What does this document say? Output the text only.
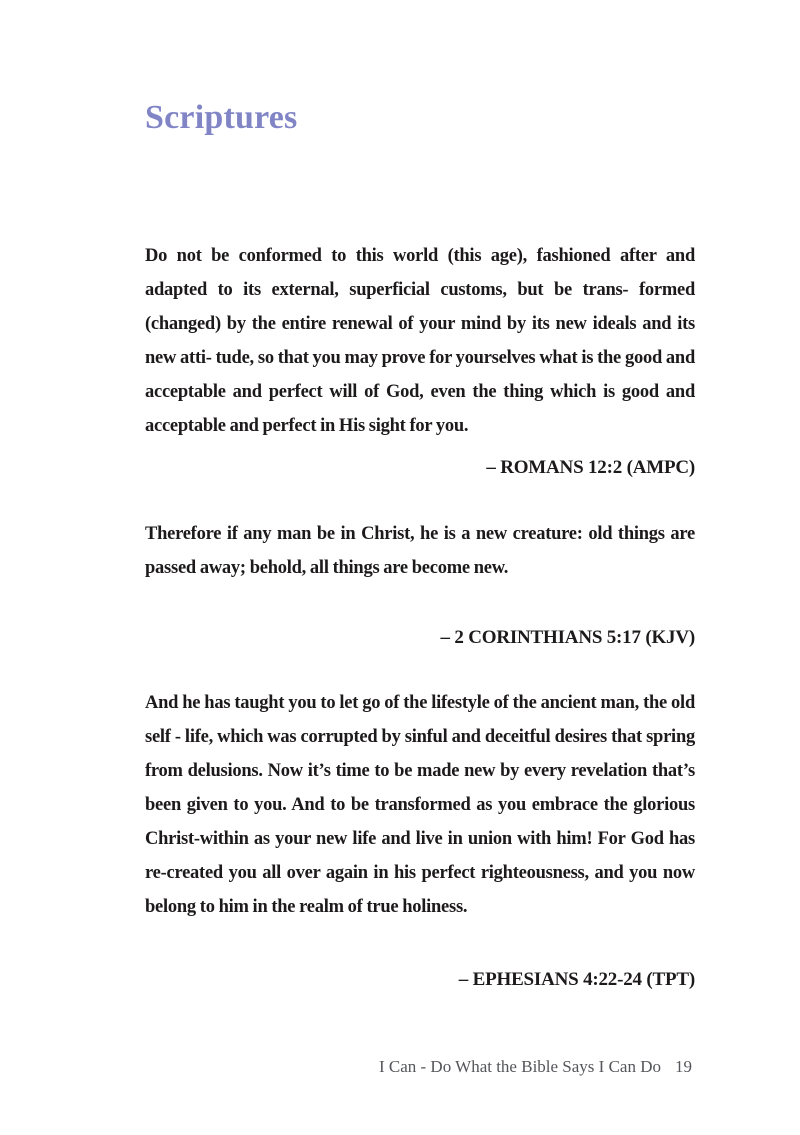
Scriptures

Do not be conformed to this world (this age), fashioned after and adapted to its external, superficial customs, but be trans- formed (changed) by the entire renewal of your mind by its new ideals and its new atti- tude, so that you may prove for yourselves what is the good and acceptable and perfect will of God, even the thing which is good and acceptable and perfect in His sight for you.

– ROMANS 12:2 (AMPC)

Therefore if any man be in Christ, he is a new creature: old things are passed away; behold, all things are become new.

– 2 CORINTHIANS 5:17 (KJV)

And he has taught you to let go of the lifestyle of the ancient man, the old self - life, which was corrupted by sinful and deceitful desires that spring from delusions. Now it’s time to be made new by every revelation that’s been given to you. And to be transformed as you embrace the glorious Christ-within as your new life and live in union with him! For God has re-created you all over again in his perfect righteousness, and you now belong to him in the realm of true holiness.

– EPHESIANS 4:22-24 (TPT)

I Can - Do What the Bible Says I Can Do 19
